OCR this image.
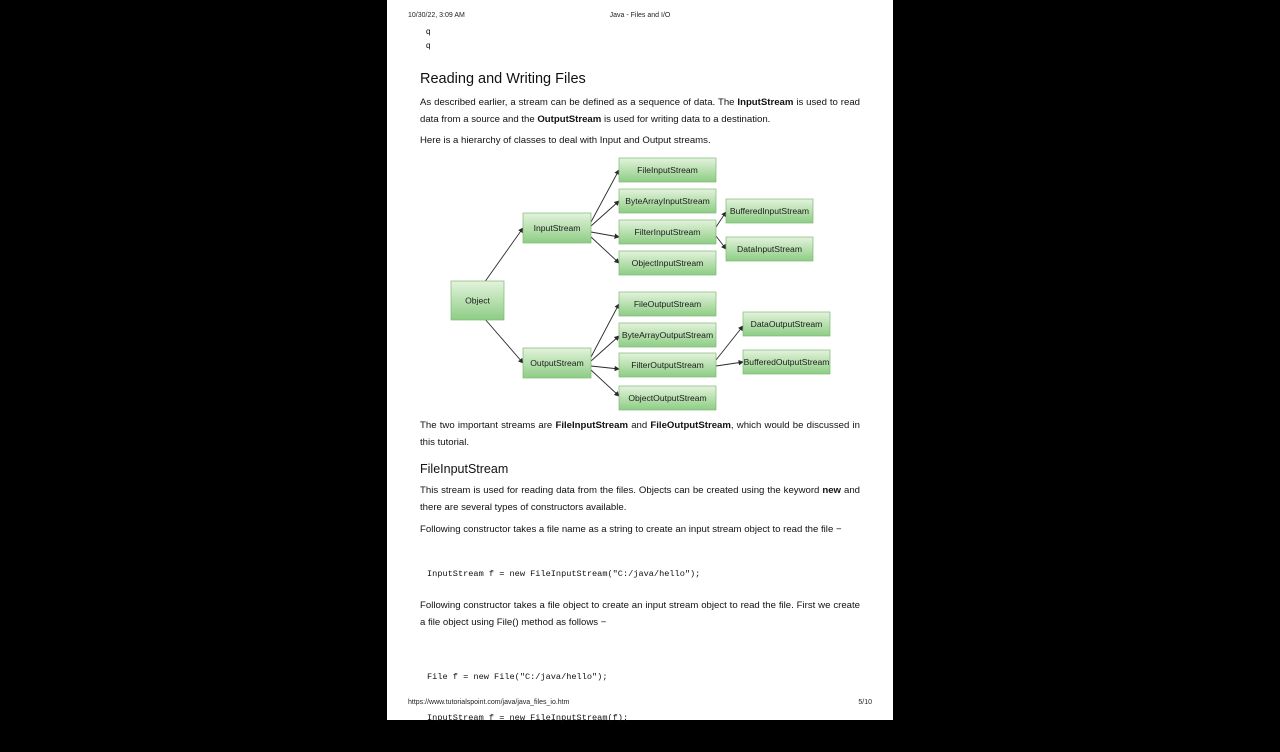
10/30/22, 3:09 AM	Java - Files and I/O
q
q
Reading and Writing Files

As described earlier, a stream can be defined as a sequence of data. The InputStream is used to read data from a source and the OutputStream is used for writing data to a destination.

Here is a hierarchy of classes to deal with Input and Output streams.

Object
InputStream
OutputStream
FileInputStream
ByteArrayInputStream
FilterInputStream
ObjectInputStream
BufferedInputStream
DataInputStream
FileOutputStream
ByteArrayOutputStream
FilterOutputStream
ObjectOutputStream
DataOutputStream
BufferedOutputStream

The two important streams are FileInputStream and FileOutputStream, which would be discussed in this tutorial.

FileInputStream

This stream is used for reading data from the files. Objects can be created using the keyword new and there are several types of constructors available.

Following constructor takes a file name as a string to create an input stream object to read the file −

InputStream f = new FileInputStream("C:/java/hello");

Following constructor takes a file object to create an input stream object to read the file. First we create a file object using File() method as follows −

File f = new File("C:/java/hello");

InputStream f = new FileInputStream(f);

https://www.tutorialspoint.com/java/java_files_io.htm	5/10
